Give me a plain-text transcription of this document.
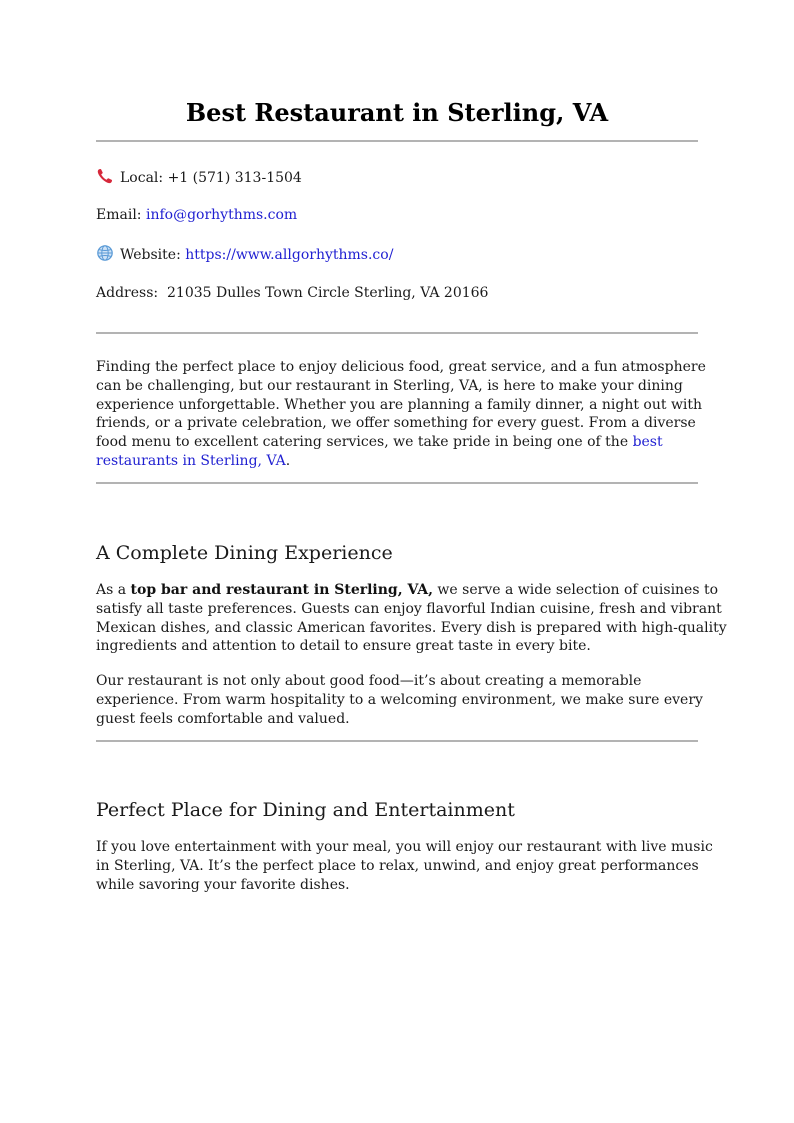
Best Restaurant in Sterling, VA
Local: +1 (571) 313-1504
Email: info@gorhythms.com
Website: https://www.allgorhythms.co/
Address: 21035 Dulles Town Circle Sterling, VA 20166

Finding the perfect place to enjoy delicious food, great service, and a fun atmosphere
can be challenging, but our restaurant in Sterling, VA, is here to make your dining
experience unforgettable. Whether you are planning a family dinner, a night out with
friends, or a private celebration, we offer something for every guest. From a diverse
food menu to excellent catering services, we take pride in being one of the best
restaurants in Sterling, VA.

A Complete Dining Experience

As a top bar and restaurant in Sterling, VA, we serve a wide selection of cuisines to
satisfy all taste preferences. Guests can enjoy flavorful Indian cuisine, fresh and vibrant
Mexican dishes, and classic American favorites. Every dish is prepared with high-quality
ingredients and attention to detail to ensure great taste in every bite.

Our restaurant is not only about good food—it’s about creating a memorable
experience. From warm hospitality to a welcoming environment, we make sure every
guest feels comfortable and valued.

Perfect Place for Dining and Entertainment

If you love entertainment with your meal, you will enjoy our restaurant with live music
in Sterling, VA. It’s the perfect place to relax, unwind, and enjoy great performances
while savoring your favorite dishes.
